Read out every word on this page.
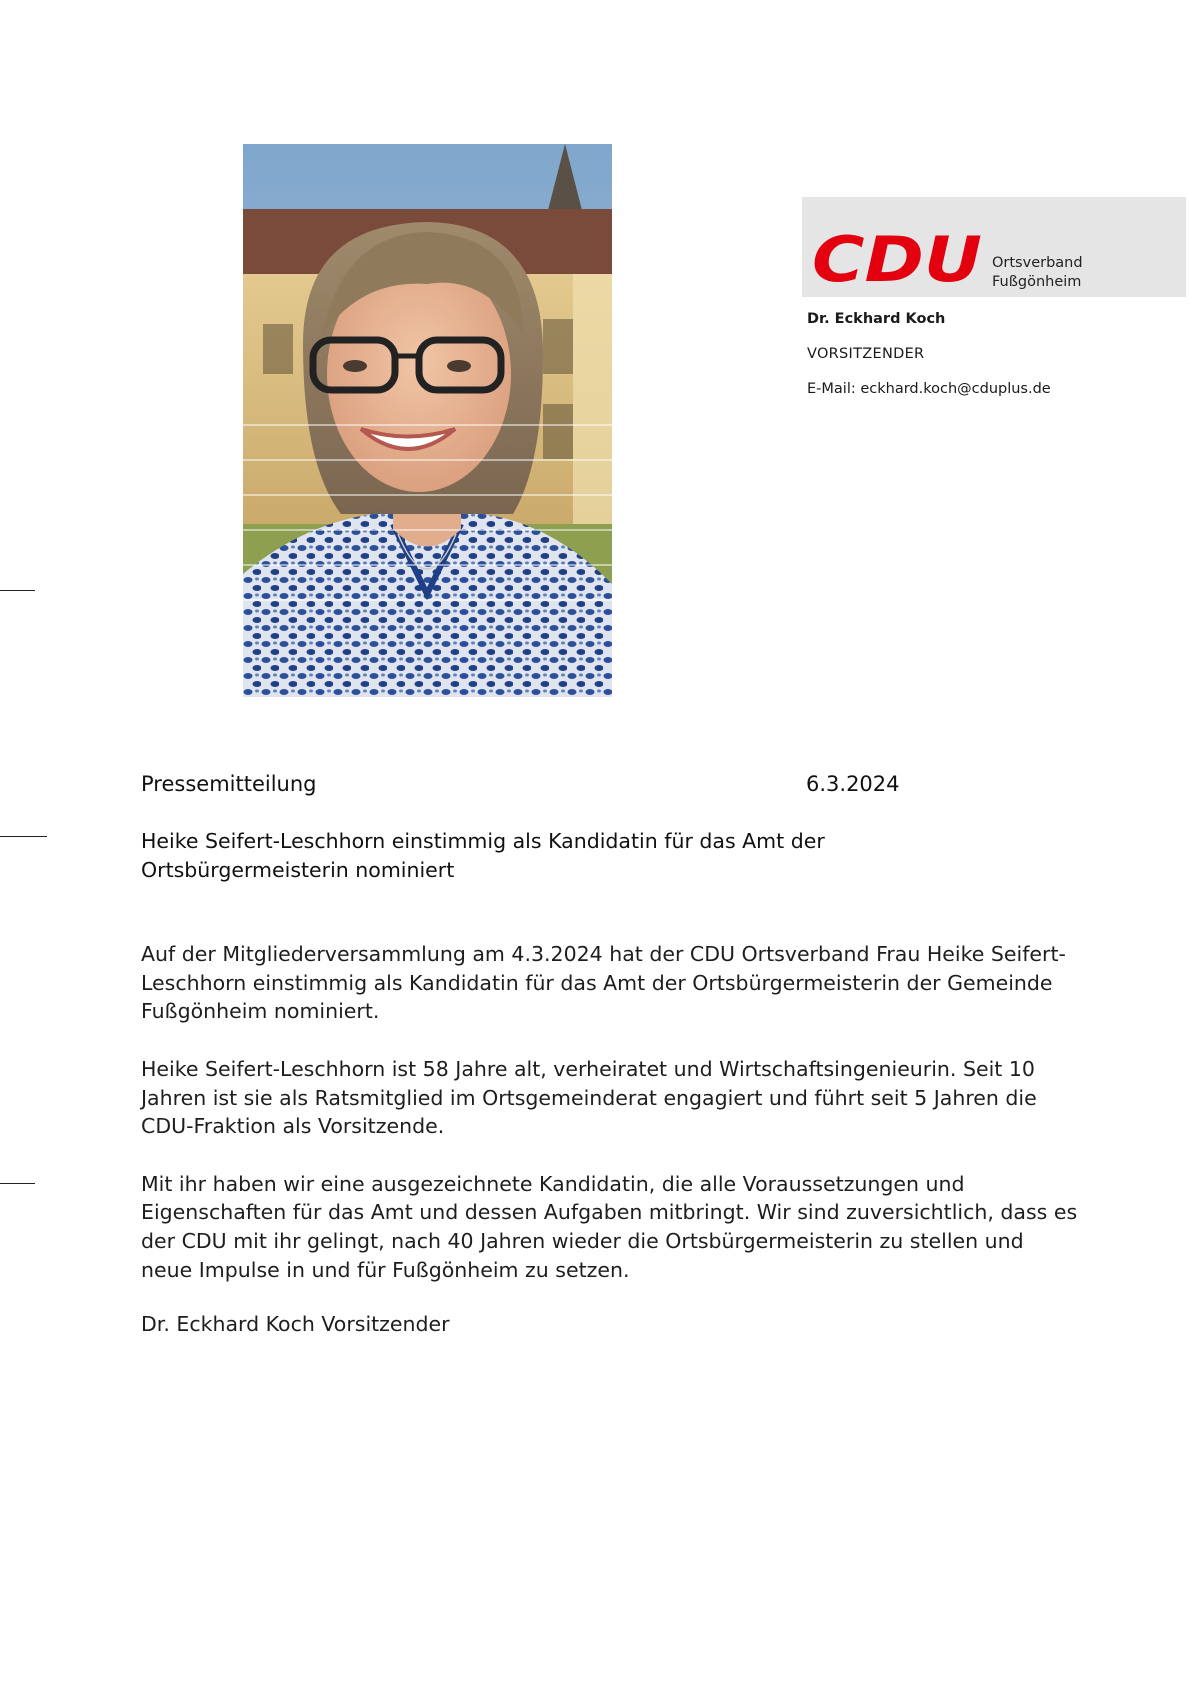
CDU Ortsverband
Fußgönheim
Dr. Eckhard Koch
VORSITZENDER
E-Mail: eckhard.koch@cduplus.de
Pressemitteilung	6.3.2024
Heike Seifert-Leschhorn einstimmig als Kandidatin für das Amt der
Ortsbürgermeisterin nominiert

Auf der Mitgliederversammlung am 4.3.2024 hat der CDU Ortsverband Frau Heike Seifert-Leschhorn einstimmig als Kandidatin für das Amt der Ortsbürgermeisterin der Gemeinde Fußgönheim nominiert.

Heike Seifert-Leschhorn ist 58 Jahre alt, verheiratet und Wirtschaftsingenieurin. Seit 10 Jahren ist sie als Ratsmitglied im Ortsgemeinderat engagiert und führt seit 5 Jahren die CDU-Fraktion als Vorsitzende.

Mit ihr haben wir eine ausgezeichnete Kandidatin, die alle Voraussetzungen und Eigenschaften für das Amt und dessen Aufgaben mitbringt. Wir sind zuversichtlich, dass es der CDU mit ihr gelingt, nach 40 Jahren wieder die Ortsbürgermeisterin zu stellen und neue Impulse in und für Fußgönheim zu setzen.

Dr. Eckhard Koch Vorsitzender
